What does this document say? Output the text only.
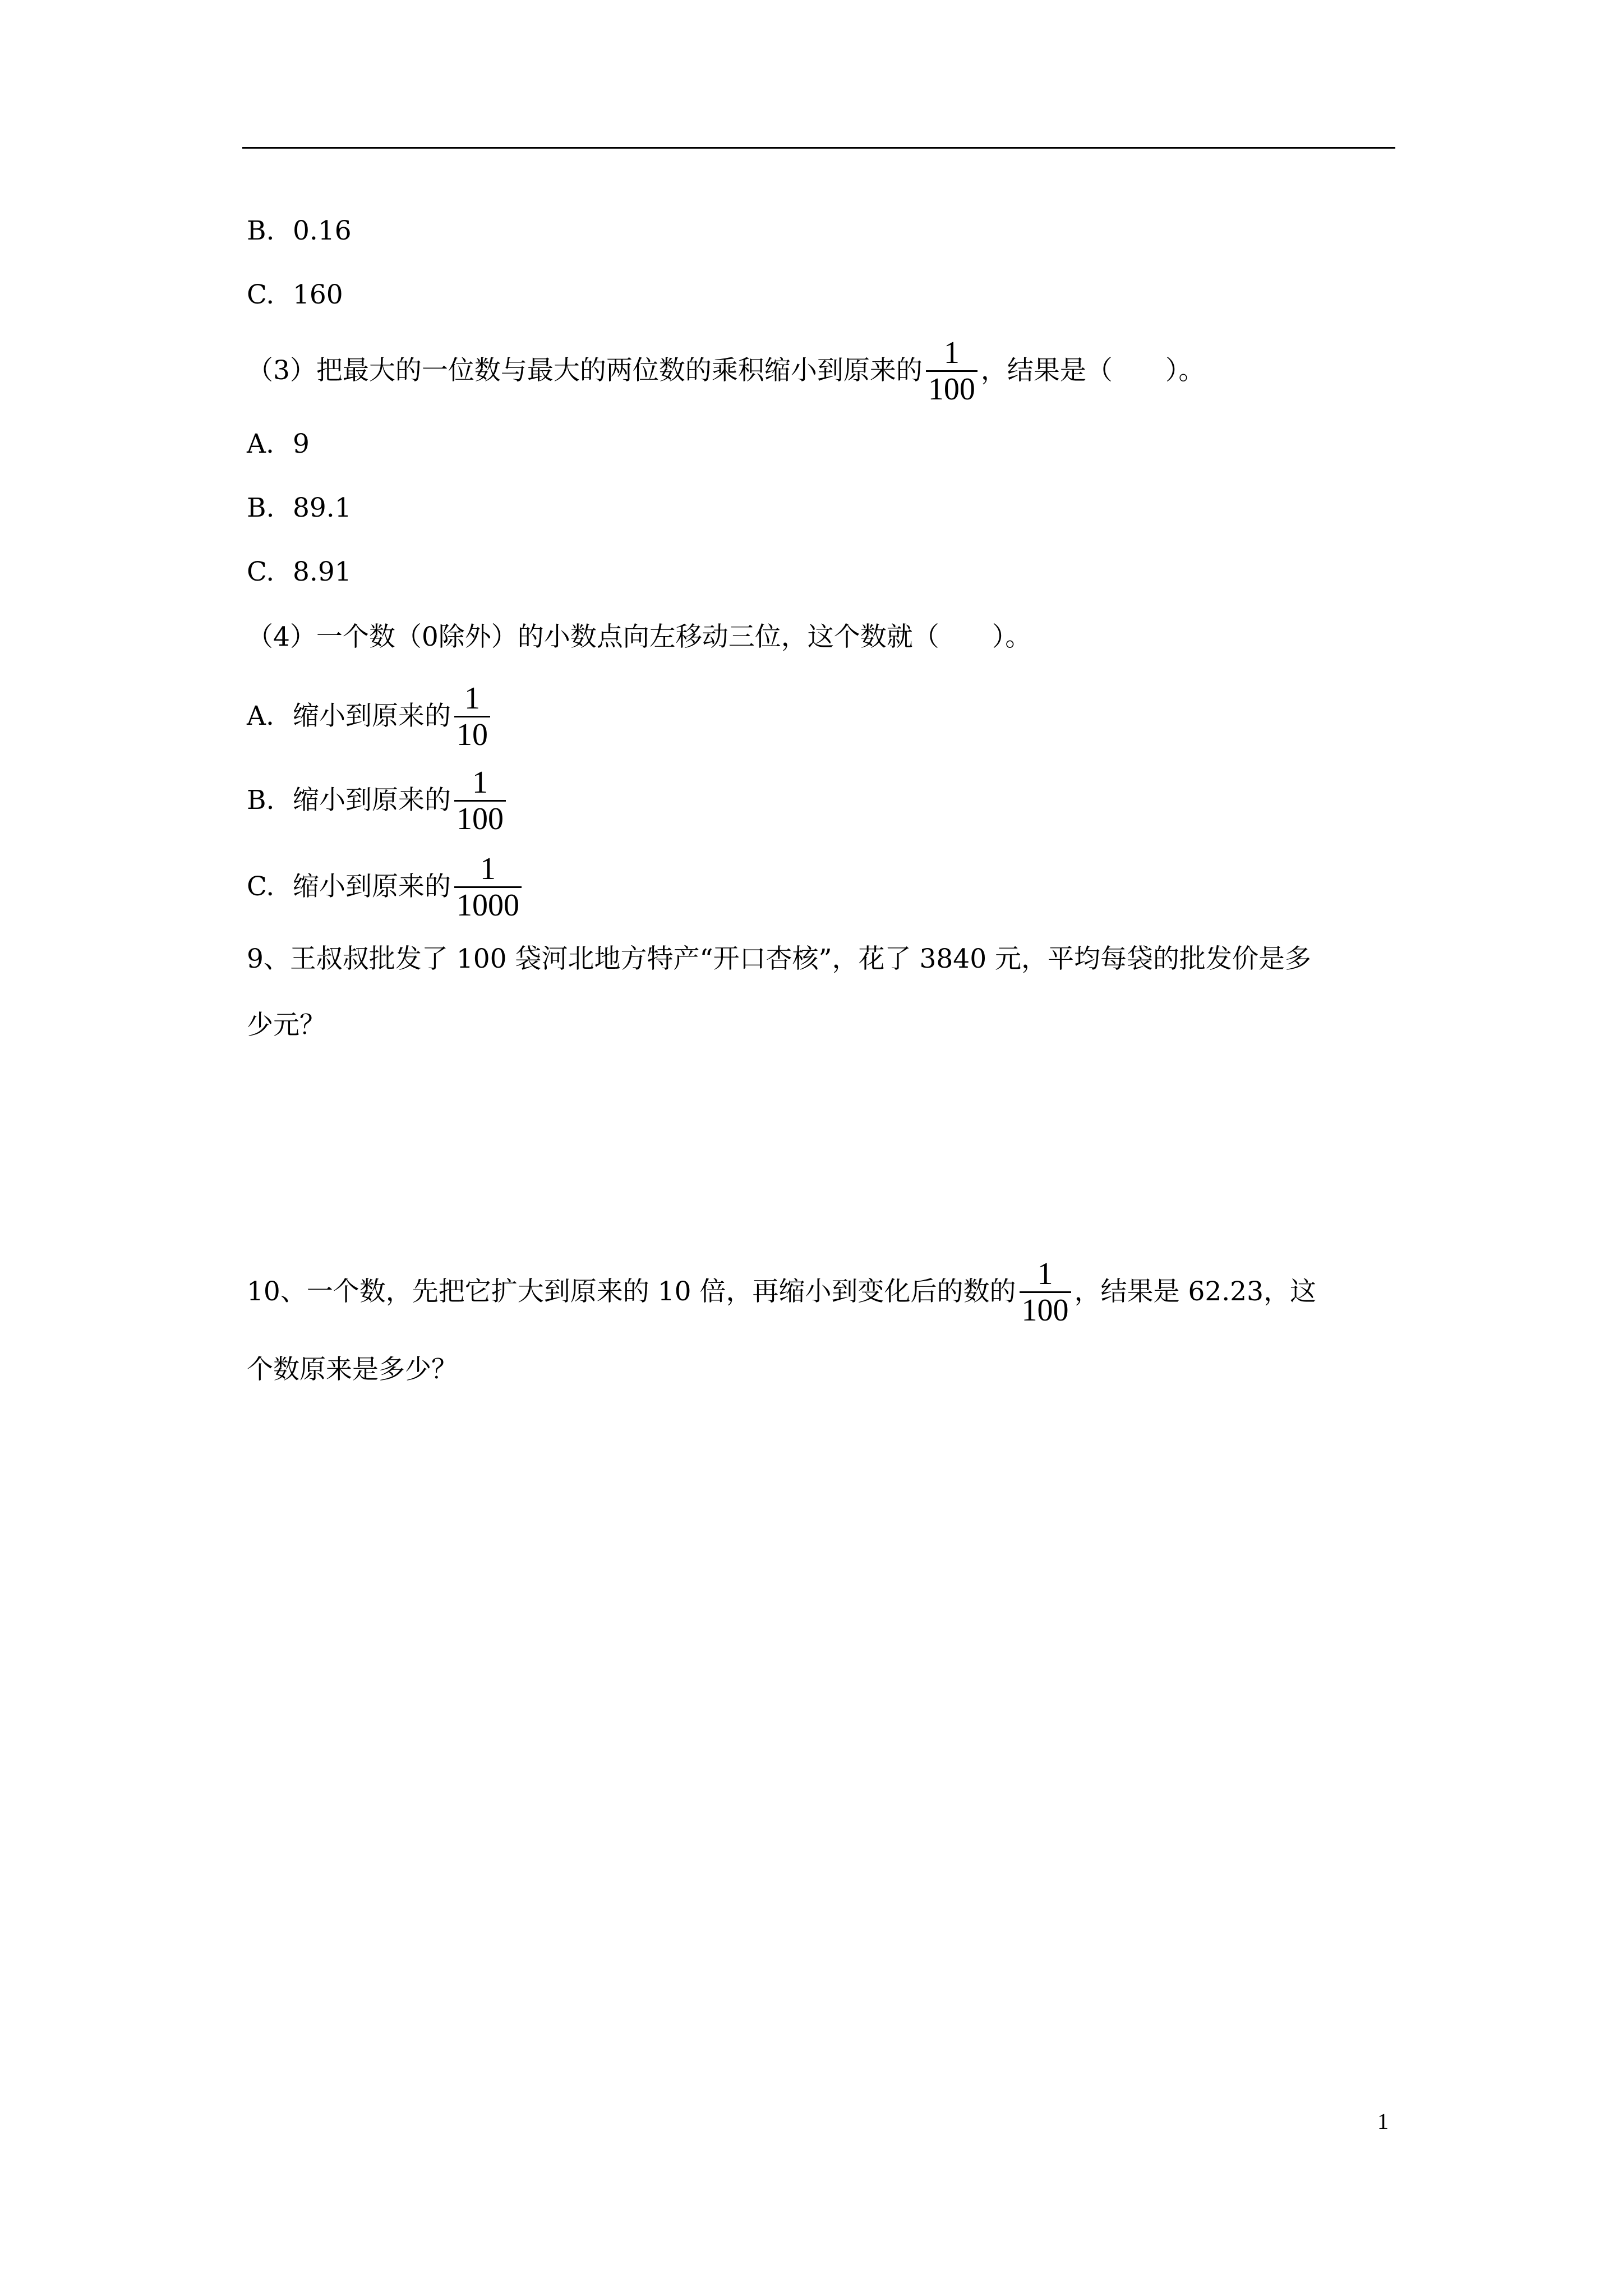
B. 0.16
C. 160
（3）把最大的一位数与最大的两位数的乘积缩小到原来的 $\frac{1}{100}$ ，结果是（　　）。
A. 9
B. 89.1
C. 8.91
（4）一个数（0除外）的小数点向左移动三位，这个数就（　　）。
A. 缩小到原来的 $\frac{1}{10}$
B. 缩小到原来的 $\frac{1}{100}$
C. 缩小到原来的 $\frac{1}{1000}$
9、王叔叔批发了 100 袋河北地方特产“开口杏核”，花了 3840 元，平均每袋的批发价是多
少元？
10、一个数，先把它扩大到原来的 10 倍，再缩小到变化后的数的 $\frac{1}{100}$ ，结果是 62.23，这
个数原来是多少？
1
